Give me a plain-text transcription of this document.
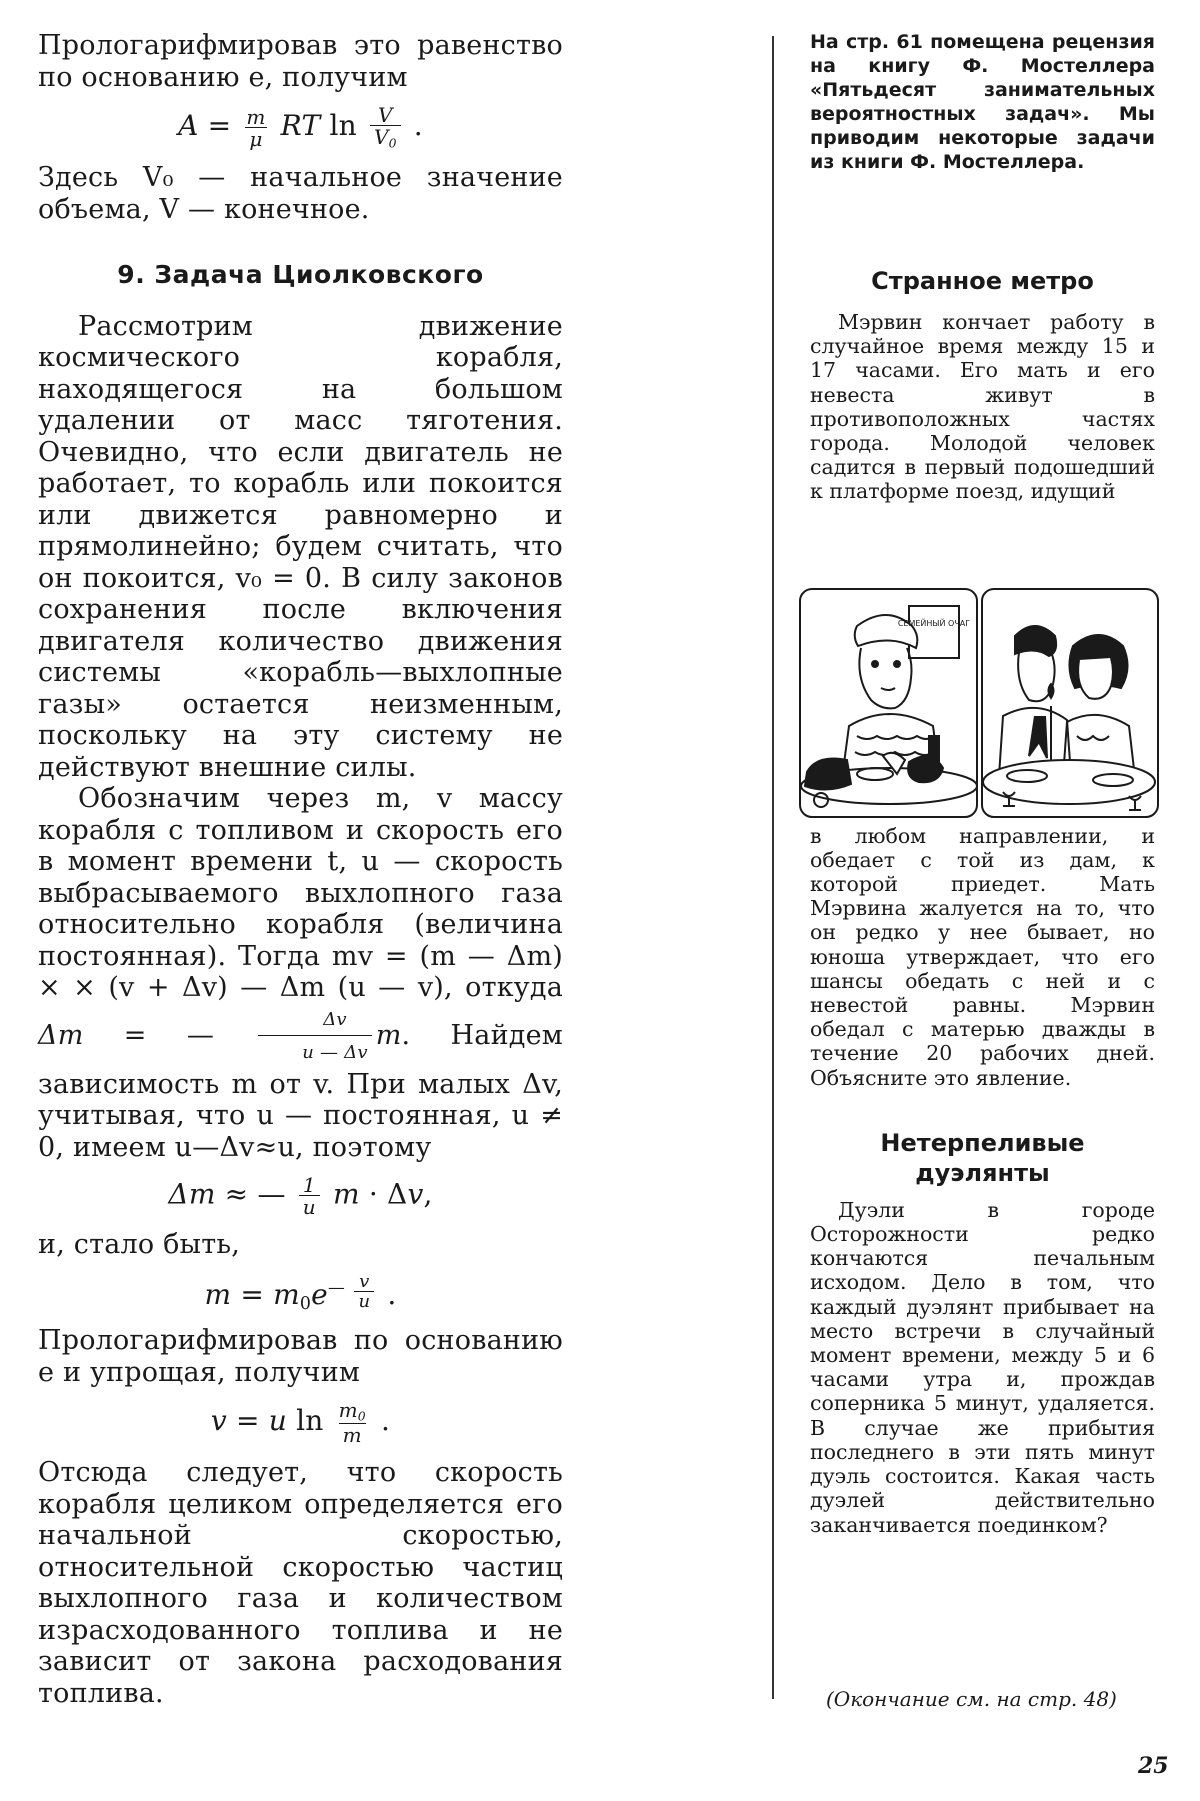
Прологарифмировав это равенство по основанию e, получим

$A = \frac{m}{\mu}$ RT $\ln \frac{V}{V_0}$ .

Здесь V₀ — начальное значение объема, V — конечное.

9. Задача Циолковского

Рассмотрим движение космического корабля, находящегося на большом удалении от масс тяготения. Очевидно, что если двигатель не работает, то корабль или покоится или движется равномерно и прямолинейно; будем считать, что он покоится, v₀ = 0. В силу законов сохранения после включения двигателя количество движения системы «корабль—выхлопные газы» остается неизменным, поскольку на эту систему не действуют внешние силы.

Обозначим через m, v массу корабля с топливом и скорость его в момент времени t, u — скорость выбрасываемого выхлопного газа относительно корабля (величина постоянная). Тогда mv = (m — Δm) × × (v + Δv) — Δm (u — v), откуда Δm = — $\frac{\Delta v}{u — \Delta v} m$. Найдем зависимость m от v. При малых Δv, учитывая, что u — постоянная, u ≠ 0, имеем u—Δv≈u, поэтому

Δm ≈ — $\frac{1}{u}$ m · Δv,

и, стало быть,

$m = m_0e^{— \frac{v}{u}}$ .

Прологарифмировав по основанию e и упрощая, получим

v = u $\ln \frac{m_0}{m}$ .

Отсюда следует, что скорость корабля целиком определяется его начальной скоростью, относительной скоростью частиц выхлопного газа и количеством израсходованного топлива и не зависит от закона расходования топлива.

На стр. 61 помещена рецензия на книгу Ф. Мостеллера «Пятьдесят занимательных вероятностных задач». Мы приводим некоторые задачи из книги Ф. Мостеллера.

Странное метро

Мэрвин кончает работу в случайное время между 15 и 17 часами. Его мать и его невеста живут в противоположных частях города. Молодой человек садится в первый подошедший к платформе поезд, идущий

в любом направлении, и обедает с той из дам, к которой приедет. Мать Мэрвина жалуется на то, что он редко у нее бывает, но юноша утверждает, что его шансы обедать с ней и с невестой равны. Мэрвин обедал с матерью дважды в течение 20 рабочих дней. Объясните это явление.

Нетерпеливые
дуэлянты

Дуэли в городе Осторожности редко кончаются печальным исходом. Дело в том, что каждый дуэлянт прибывает на место встречи в случайный момент времени, между 5 и 6 часами утра и, прождав соперника 5 минут, удаляется. В случае же прибытия последнего в эти пять минут дуэль состоится. Какая часть дуэлей действительно заканчивается поединком?

СЕМЕЙНЫЙ ОЧАГ
(Окончание см. на стр. 48)
25
